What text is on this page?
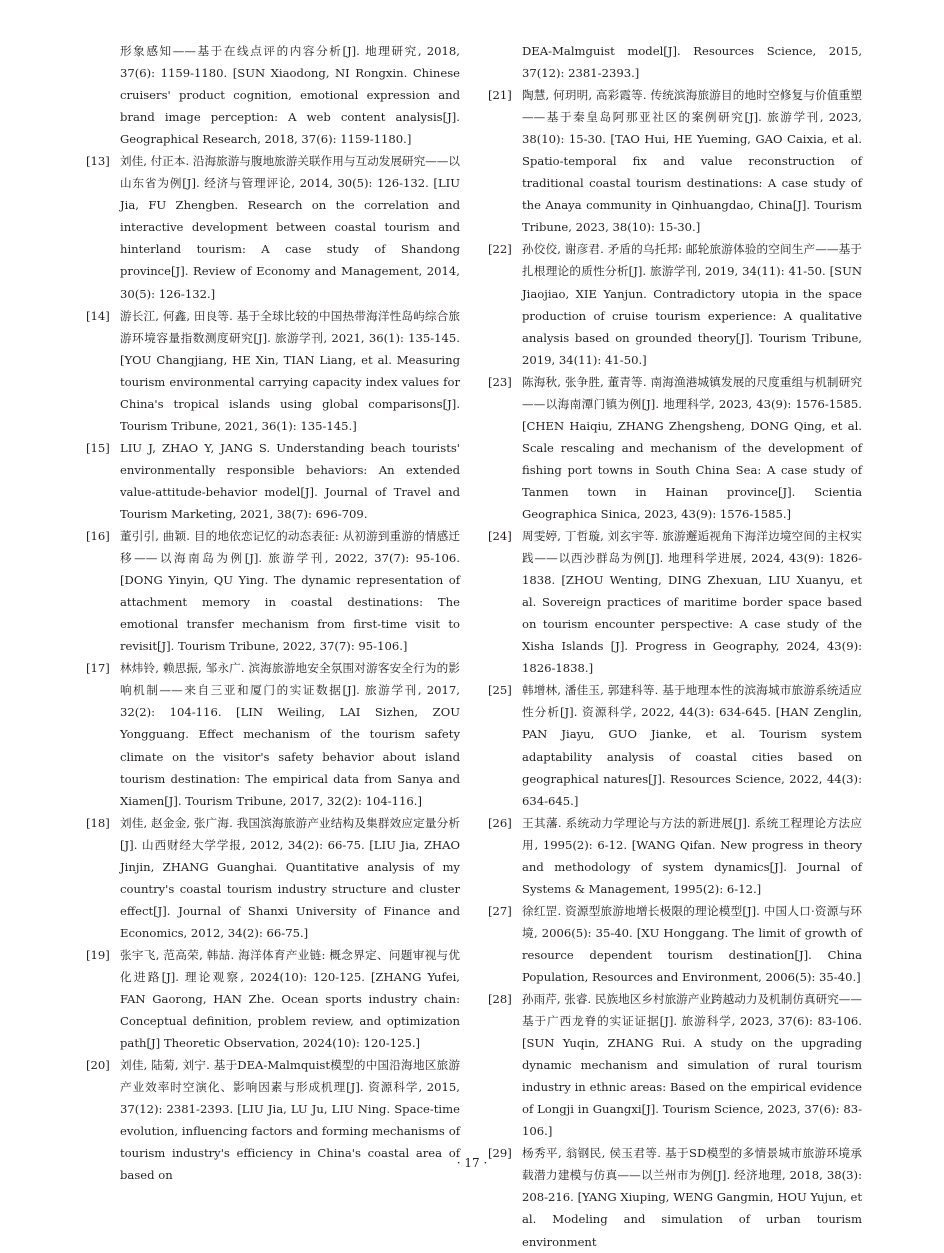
形象感知——基于在线点评的内容分析[J]. 地理研究, 2018, 37(6): 1159-1180. [SUN Xiaodong, NI Rongxin. Chinese cruisers' product cognition, emotional expression and brand image perception: A web content analysis[J]. Geographical Research, 2018, 37(6): 1159-1180.]

[13] 刘佳, 付正本. 沿海旅游与腹地旅游关联作用与互动发展研究——以山东省为例[J]. 经济与管理评论, 2014, 30(5): 126-132. [LIU Jia, FU Zhengben. Research on the correlation and interactive development between coastal tourism and hinterland tourism: A case study of Shandong province[J]. Review of Economy and Management, 2014, 30(5): 126-132.]

[14] 游长江, 何鑫, 田良等. 基于全球比较的中国热带海洋性岛屿综合旅游环境容量指数测度研究[J]. 旅游学刊, 2021, 36(1): 135-145. [YOU Changjiang, HE Xin, TIAN Liang, et al. Measuring tourism environmental carrying capacity index values for China's tropical islands using global comparisons[J]. Tourism Tribune, 2021, 36(1): 135-145.]

[15] LIU J, ZHAO Y, JANG S. Understanding beach tourists' environmentally responsible behaviors: An extended value-attitude-behavior model[J]. Journal of Travel and Tourism Marketing, 2021, 38(7): 696-709.

[16] 董引引, 曲颖. 目的地依恋记忆的动态表征: 从初游到重游的情感迁移——以海南岛为例[J]. 旅游学刊, 2022, 37(7): 95-106. [DONG Yinyin, QU Ying. The dynamic representation of attachment memory in coastal destinations: The emotional transfer mechanism from first-time visit to revisit[J]. Tourism Tribune, 2022, 37(7): 95-106.]

[17] 林炜铃, 赖思振, 邹永广. 滨海旅游地安全氛围对游客安全行为的影响机制——来自三亚和厦门的实证数据[J]. 旅游学刊, 2017, 32(2): 104-116. [LIN Weiling, LAI Sizhen, ZOU Yongguang. Effect mechanism of the tourism safety climate on the visitor's safety behavior about island tourism destination: The empirical data from Sanya and Xiamen[J]. Tourism Tribune, 2017, 32(2): 104-116.]

[18] 刘佳, 赵金金, 张广海. 我国滨海旅游产业结构及集群效应定量分析[J]. 山西财经大学学报, 2012, 34(2): 66-75. [LIU Jia, ZHAO Jinjin, ZHANG Guanghai. Quantitative analysis of my country's coastal tourism industry structure and cluster effect[J]. Journal of Shanxi University of Finance and Economics, 2012, 34(2): 66-75.]

[19] 张宇飞, 范高荣, 韩喆. 海洋体育产业链: 概念界定、问题审视与优化进路[J]. 理论观察, 2024(10): 120-125. [ZHANG Yufei, FAN Gaorong, HAN Zhe. Ocean sports industry chain: Conceptual definition, problem review, and optimization path[J] Theoretic Observation, 2024(10): 120-125.]

[20] 刘佳, 陆菊, 刘宁. 基于DEA-Malmquist模型的中国沿海地区旅游产业效率时空演化、影响因素与形成机理[J]. 资源科学, 2015, 37(12): 2381-2393. [LIU Jia, LU Ju, LIU Ning. Space-time evolution, influencing factors and forming mechanisms of tourism industry's efficiency in China's coastal area of based on

DEA-Malmguist model[J]. Resources Science, 2015, 37(12): 2381-2393.]

[21] 陶慧, 何玥明, 高彩霞等. 传统滨海旅游目的地时空修复与价值重塑——基于秦皇岛阿那亚社区的案例研究[J]. 旅游学刊, 2023, 38(10): 15-30. [TAO Hui, HE Yueming, GAO Caixia, et al. Spatio-temporal fix and value reconstruction of traditional coastal tourism destinations: A case study of the Anaya community in Qinhuangdao, China[J]. Tourism Tribune, 2023, 38(10): 15-30.]

[22] 孙佼佼, 谢彦君. 矛盾的乌托邦: 邮轮旅游体验的空间生产——基于扎根理论的质性分析[J]. 旅游学刊, 2019, 34(11): 41-50. [SUN Jiaojiao, XIE Yanjun. Contradictory utopia in the space production of cruise tourism experience: A qualitative analysis based on grounded theory[J]. Tourism Tribune, 2019, 34(11): 41-50.]

[23] 陈海秋, 张争胜, 董青等. 南海渔港城镇发展的尺度重组与机制研究——以海南潭门镇为例[J]. 地理科学, 2023, 43(9): 1576-1585. [CHEN Haiqiu, ZHANG Zhengsheng, DONG Qing, et al. Scale rescaling and mechanism of the development of fishing port towns in South China Sea: A case study of Tanmen town in Hainan province[J]. Scientia Geographica Sinica, 2023, 43(9): 1576-1585.]

[24] 周雯婷, 丁哲璇, 刘玄宇等. 旅游邂逅视角下海洋边境空间的主权实践——以西沙群岛为例[J]. 地理科学进展, 2024, 43(9): 1826-1838. [ZHOU Wenting, DING Zhexuan, LIU Xuanyu, et al. Sovereign practices of maritime border space based on tourism encounter perspective: A case study of the Xisha Islands [J]. Progress in Geography, 2024, 43(9): 1826-1838.]

[25] 韩增林, 潘佳玉, 郭建科等. 基于地理本性的滨海城市旅游系统适应性分析[J]. 资源科学, 2022, 44(3): 634-645. [HAN Zenglin, PAN Jiayu, GUO Jianke, et al. Tourism system adaptability analysis of coastal cities based on geographical natures[J]. Resources Science, 2022, 44(3): 634-645.]

[26] 王其藩. 系统动力学理论与方法的新进展[J]. 系统工程理论方法应用, 1995(2): 6-12. [WANG Qifan. New progress in theory and methodology of system dynamics[J]. Journal of Systems & Management, 1995(2): 6-12.]

[27] 徐红罡. 资源型旅游地增长极限的理论模型[J]. 中国人口·资源与环境, 2006(5): 35-40. [XU Honggang. The limit of growth of resource dependent tourism destination[J]. China Population, Resources and Environment, 2006(5): 35-40.]

[28] 孙雨芹, 张睿. 民族地区乡村旅游产业跨越动力及机制仿真研究——基于广西龙脊的实证证据[J]. 旅游科学, 2023, 37(6): 83-106. [SUN Yuqin, ZHANG Rui. A study on the upgrading dynamic mechanism and simulation of rural tourism industry in ethnic areas: Based on the empirical evidence of Longji in Guangxi[J]. Tourism Science, 2023, 37(6): 83-106.]

[29] 杨秀平, 翁钢民, 侯玉君等. 基于SD模型的多情景城市旅游环境承载潜力建模与仿真——以兰州市为例[J]. 经济地理, 2018, 38(3): 208-216. [YANG Xiuping, WENG Gangmin, HOU Yujun, et al. Modeling and simulation of urban tourism environment

· 17 ·
